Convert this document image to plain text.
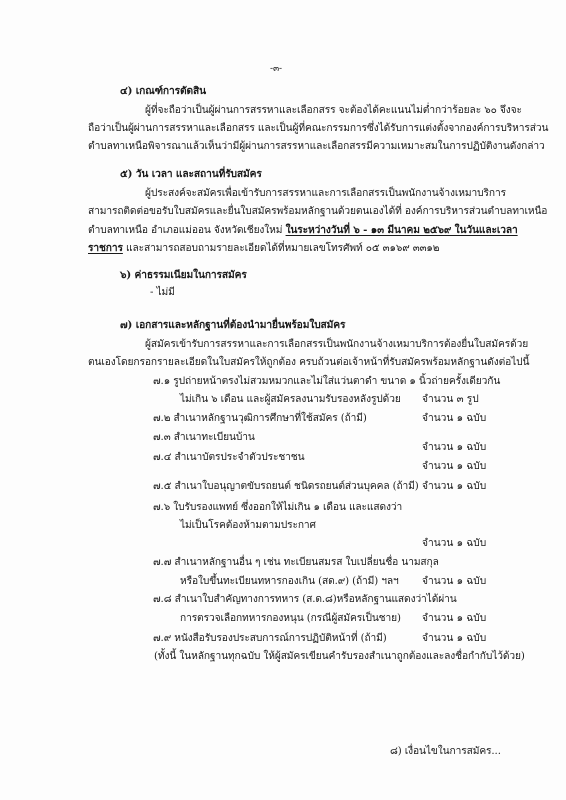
-๓-
๔) เกณฑ์การตัดสิน
ผู้ที่จะถือว่าเป็นผู้ผ่านการสรรหาและเลือกสรร จะต้องได้คะแนนไม่ต่ำกว่าร้อยละ ๖๐ จึงจะ
ถือว่าเป็นผู้ผ่านการสรรหาและเลือกสรร และเป็นผู้ที่คณะกรรมการซึ่งได้รับการแต่งตั้งจากองค์การบริหารส่วน
ตำบลทาเหนือพิจารณาแล้วเห็นว่ามีผู้ผ่านการสรรหาและเลือกสรรมีความเหมาะสมในการปฏิบัติงานดังกล่าว
๕) วัน เวลา และสถานที่รับสมัคร
ผู้ประสงค์จะสมัครเพื่อเข้ารับการสรรหาและการเลือกสรรเป็นพนักงานจ้างเหมาบริการ
สามารถติดต่อขอรับใบสมัครและยื่นใบสมัครพร้อมหลักฐานด้วยตนเองได้ที่ องค์การบริหารส่วนตำบลทาเหนือ
ตำบลทาเหนือ อำเภอแม่ออน จังหวัดเชียงใหม่ ในระหว่างวันที่ ๖ - ๑๓ มีนาคม ๒๕๖๙ ในวันและเวลา
ราชการ และสามารถสอบถามรายละเอียดได้ที่หมายเลขโทรศัพท์ ๐๕ ๓๑๖๙ ๓๓๑๒
๖) ค่าธรรมเนียมในการสมัคร
- ไม่มี
๗) เอกสารและหลักฐานที่ต้องนำมายื่นพร้อมใบสมัคร
ผู้สมัครเข้ารับการสรรหาและการเลือกสรรเป็นพนักงานจ้างเหมาบริการต้องยื่นใบสมัครด้วย
ตนเองโดยกรอกรายละเอียดในใบสมัครให้ถูกต้อง ครบถ้วนต่อเจ้าหน้าที่รับสมัครพร้อมหลักฐานดังต่อไปนี้
๗.๑ รูปถ่ายหน้าตรงไม่สวมหมวกและไม่ใส่แว่นตาดำ ขนาด ๑ นิ้วถ่ายครั้งเดียวกัน
ไม่เกิน ๖ เดือน และผู้สมัครลงนามรับรองหลังรูปด้วย จำนวน ๓ รูป
๗.๒ สำเนาหลักฐานวุฒิการศึกษาที่ใช้สมัคร (ถ้ามี)	จำนวน ๑ ฉบับ
๗.๓ สำเนาทะเบียนบ้าน
จำนวน ๑ ฉบับ
๗.๔ สำเนาบัตรประจำตัวประชาชน
จำนวน ๑ ฉบับ
๗.๕ สำเนาใบอนุญาตขับรถยนต์ ชนิดรถยนต์ส่วนบุคคล (ถ้ามี) จำนวน ๑ ฉบับ
๗.๖ ใบรับรองแพทย์ ซึ่งออกให้ไม่เกิน ๑ เดือน และแสดงว่า
ไม่เป็นโรคต้องห้ามตามประกาศ
จำนวน ๑ ฉบับ
๗.๗ สำเนาหลักฐานอื่น ๆ เช่น ทะเบียนสมรส ใบเปลี่ยนชื่อ นามสกุล
หรือใบขึ้นทะเบียนทหารกองเกิน (สด.๙) (ถ้ามี) ฯลฯ จำนวน ๑ ฉบับ
๗.๘ สำเนาใบสำคัญทางการทหาร (ส.ด.๘)หรือหลักฐานแสดงว่าได้ผ่าน
การตรวจเลือกทหารกองหนุน (กรณีผู้สมัครเป็นชาย) จำนวน ๑ ฉบับ
๗.๙ หนังสือรับรองประสบการณ์การปฏิบัติหน้าที่ (ถ้ามี)	จำนวน ๑ ฉบับ
(ทั้งนี้ ในหลักฐานทุกฉบับ ให้ผู้สมัครเขียนคำรับรองสำเนาถูกต้องและลงชื่อกำกับไว้ด้วย)
๘) เงื่อนไขในการสมัคร...
